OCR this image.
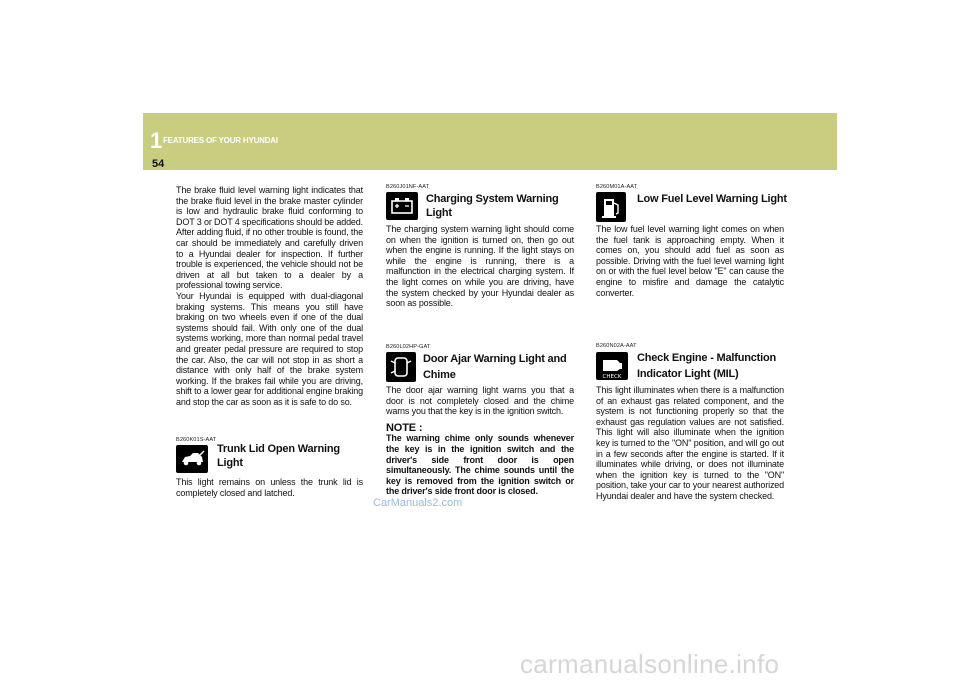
1 FEATURES OF YOUR HYUNDAI
54

The brake fluid level warning light indicates that the brake fluid level in the brake master cylinder is low and hydraulic brake fluid conforming to DOT 3 or DOT 4 specifications should be added. After adding fluid, if no other trouble is found, the car should be immediately and carefully driven to a Hyundai dealer for inspection. If further trouble is experienced, the vehicle should not be driven at all but taken to a dealer by a professional towing service.

Your Hyundai is equipped with dual-diagonal braking systems. This means you still have braking on two wheels even if one of the dual systems should fail. With only one of the dual systems working, more than normal pedal travel and greater pedal pressure are required to stop the car. Also, the car will not stop in as short a distance with only half of the brake system working. If the brakes fail while you are driving, shift to a lower gear for additional engine braking and stop the car as soon as it is safe to do so.

B260K01S-AAT
Trunk Lid Open Warning Light
This light remains on unless the trunk lid is completely closed and latched.
B260J01NF-AAT
Charging System Warning Light
The charging system warning light should come on when the ignition is turned on, then go out when the engine is running. If the light stays on while the engine is running, there is a malfunction in the electrical charging system. If the light comes on while you are driving, have the system checked by your Hyundai dealer as soon as possible.
B260L02HP-GAT
Door Ajar Warning Light and Chime

The door ajar warning light warns you that a door is not completely closed and the chime warns you that the key is in the ignition switch.

NOTE :
The warning chime only sounds whenever the key is in the ignition switch and the driver's side front door is open simultaneously. The chime sounds until the key is removed from the ignition switch or the driver's side front door is closed.
B260M01A-AAT
Low Fuel Level Warning Light
The low fuel level warning light comes on when the fuel tank is approaching empty. When it comes on, you should add fuel as soon as possible. Driving with the fuel level warning light on or with the fuel level below "E" can cause the engine to misfire and damage the catalytic converter.
B260N02A-AAT
CHECK
Check Engine - Malfunction Indicator Light (MIL)
This light illuminates when there is a malfunction of an exhaust gas related component, and the system is not functioning properly so that the exhaust gas regulation values are not satisfied. This light will also illuminate when the ignition key is turned to the "ON" position, and will go out in a few seconds after the engine is started. If it illuminates while driving, or does not illuminate when the ignition key is turned to the "ON" position, take your car to your nearest authorized Hyundai dealer and have the system checked.
CarManuals2.com
carmanualsonline.info
